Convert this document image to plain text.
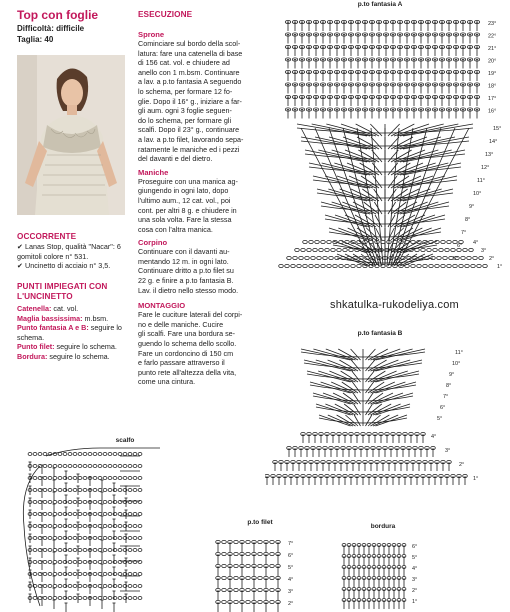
Top con foglie
Difficoltà: difficile
Taglia: 40
OCCORRENTE
✔ Lanas Stop, qualità "Nacar": 6 gomitoli colore n° 531.
✔ Uncinetto di acciaio n° 3,5.
PUNTI IMPIEGATI CON L'UNCINETTO
Catenella: cat. vol.
Maglia bassissima: m.bsm.
Punto fantasia A e B: seguire lo schema.
Punto filet: seguire lo schema.
Bordura: seguire lo schema.
ESECUZIONE
Sprone
Cominciare sul bordo della scol-
latura: fare una catenella di base
di 156 cat. vol. e chiudere ad
anello con 1 m.bsm. Continuare
a lav. a p.to fantasia A seguendo
lo schema, per formare 12 fo-
glie. Dopo il 16° g., iniziare a far-
gli aum. ogni 3 foglie seguen-
do lo schema, per formare gli
scalfi. Dopo il 23° g., continuare
a lav. a p.to filet, lavorando sepa-
ratamente le maniche ed i pezzi
del davanti e del dietro.
Maniche
Proseguire con una manica ag-
giungendo in ogni lato, dopo
l'ultimo aum., 12 cat. vol., poi
cont. per altri 8 g. e chiudere in
una sola volta. Fare la stessa
cosa con l'altra manica.
Corpino
Continuare con il davanti au-
mentando 12 m. in ogni lato.
Continuare dritto a p.to filet su
22 g. e finire a p.to fantasia B.
Lav. il dietro nello stesso modo.
MONTAGGIO
Fare le cuciture laterali del corpi-
no e delle maniche. Cucire
gli scalfi. Fare una bordura se-
guendo lo schema dello scollo.
Fare un cordoncino di 150 cm
e farlo passare attraverso il
punto rete all'altezza della vita,
come una cintura.
p.to fantasia A
p.to fantasia B
scalfo
p.to filet
bordura
23°
22°
21°
20°
19°
18°
17°
16°
15°
14°
13°
12°
11°
10°
9°
8°
7°
6°
5°
4°
3°
2°
1°
shkatulka-rukodeliya.com
11°
10°
9°
8°
7°
6°
5°
4°
3°
2°
1°
7°
6°
5°
4°
3°
2°
6°
5°
4°
3°
2°
1°
